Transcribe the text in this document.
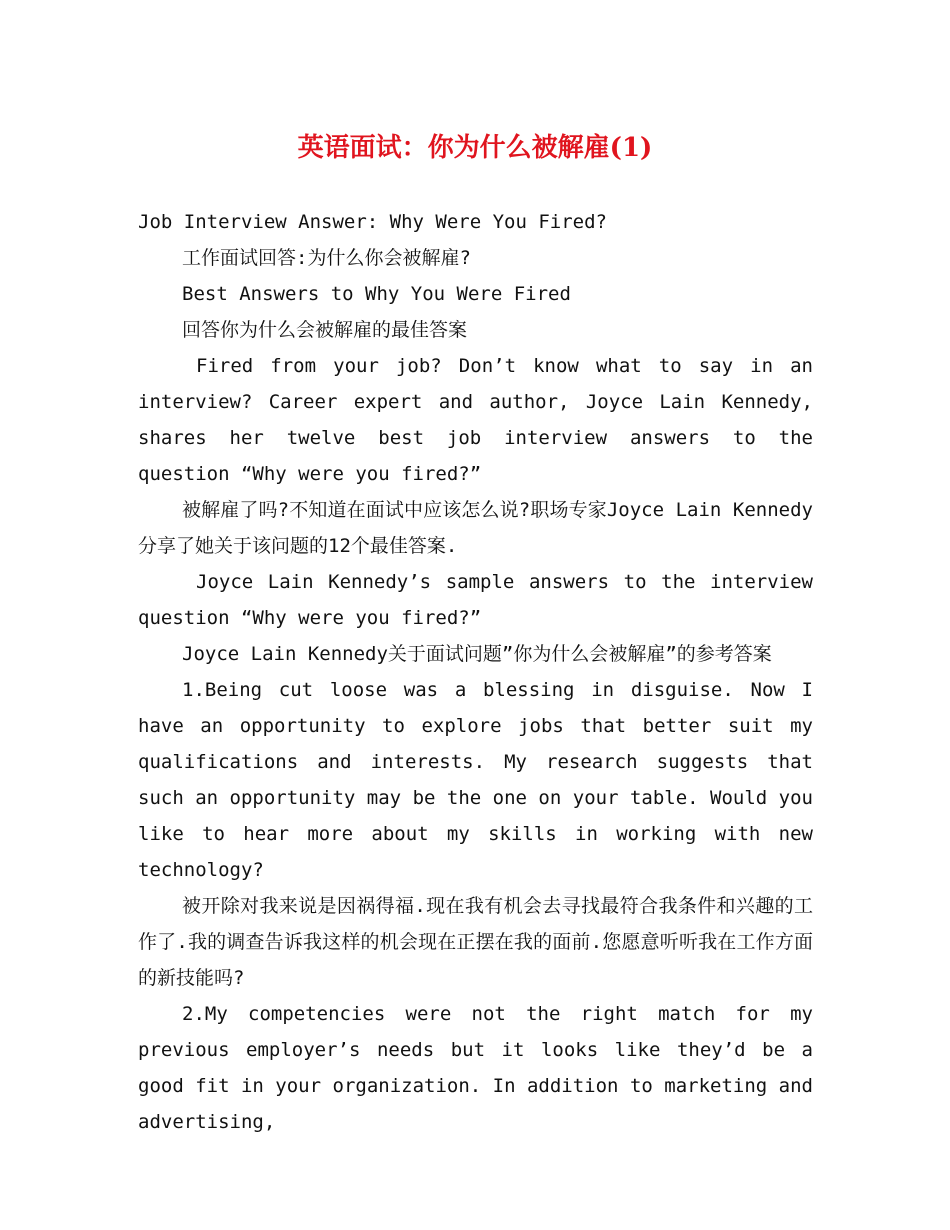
英语面试：你为什么被解雇(1)

Job Interview Answer: Why Were You Fired?

工作面试回答:为什么你会被解雇?

Best Answers to Why You Were Fired

回答你为什么会被解雇的最佳答案

Fired from your job? Don’t know what to say in an interview? Career expert and author, Joyce Lain Kennedy, shares her twelve best job interview answers to the question “Why were you fired?”

被解雇了吗?不知道在面试中应该怎么说?职场专家Joyce Lain Kennedy分享了她关于该问题的12个最佳答案.

Joyce Lain Kennedy’s sample answers to the interview question “Why were you fired?”

Joyce Lain Kennedy关于面试问题”你为什么会被解雇”的参考答案

1.Being cut loose was a blessing in disguise. Now I have an opportunity to explore jobs that better suit my qualifications and interests. My research suggests that such an opportunity may be the one on your table. Would you like to hear more about my skills in working with new technology?

被开除对我来说是因祸得福.现在我有机会去寻找最符合我条件和兴趣的工作了.我的调查告诉我这样的机会现在正摆在我的面前.您愿意听听我在工作方面的新技能吗?

2.My competencies were not the right match for my previous employer’s needs but it looks like they’d be a good fit in your organization. In addition to marketing and advertising,
